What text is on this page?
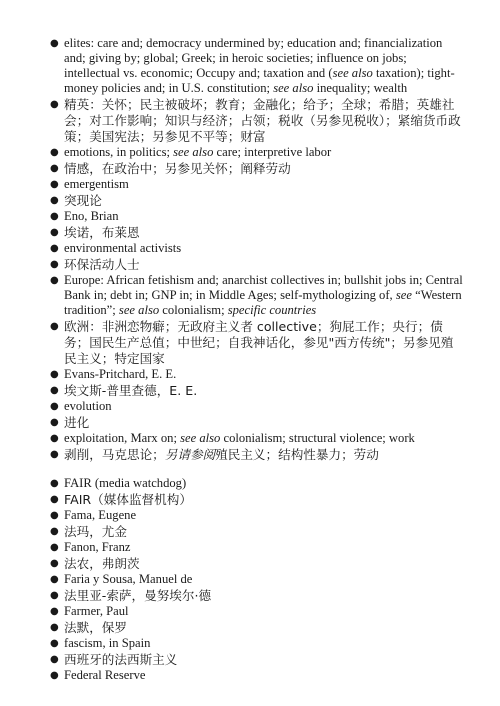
● elites: care and; democracy undermined by; education and; financialization and; giving by; global; Greek; in heroic societies; influence on jobs; intellectual vs. economic; Occupy and; taxation and (see also taxation); tight-money policies and; in U.S. constitution; see also inequality; wealth
● 精英：关怀；民主被破坏；教育；金融化；给予；全球；希腊；英雄社会；对工作影响；知识与经济；占领；税收（另参见税收）；紧缩货币政策；美国宪法；另参见不平等；财富
● emotions, in politics; see also care; interpretive labor
● 情感，在政治中；另参见关怀；阐释劳动
● emergentism
● 突现论
● Eno, Brian
● 埃诺，布莱恩
● environmental activists
● 环保活动人士
● Europe: African fetishism and; anarchist collectives in; bullshit jobs in; Central Bank in; debt in; GNP in; in Middle Ages; self-mythologizing of, see “Western tradition”; see also colonialism; specific countries
● 欧洲：非洲恋物癖；无政府主义者 collective；狗屁工作；央行；债务；国民生产总值；中世纪；自我神话化，参见"西方传统"；另参见殖民主义；特定国家
● Evans-Pritchard, E. E.
● 埃文斯-普里查德，E. E.
● evolution
● 进化
● exploitation, Marx on; see also colonialism; structural violence; work
● 剥削，马克思论；另请参阅殖民主义；结构性暴力；劳动
● FAIR (media watchdog)
● FAIR（媒体监督机构）
● Fama, Eugene
● 法玛，尤金
● Fanon, Franz
● 法农，弗朗茨
● Faria y Sousa, Manuel de
● 法里亚-索萨，曼努埃尔·德
● Farmer, Paul
● 法默，保罗
● fascism, in Spain
● 西班牙的法西斯主义
● Federal Reserve
